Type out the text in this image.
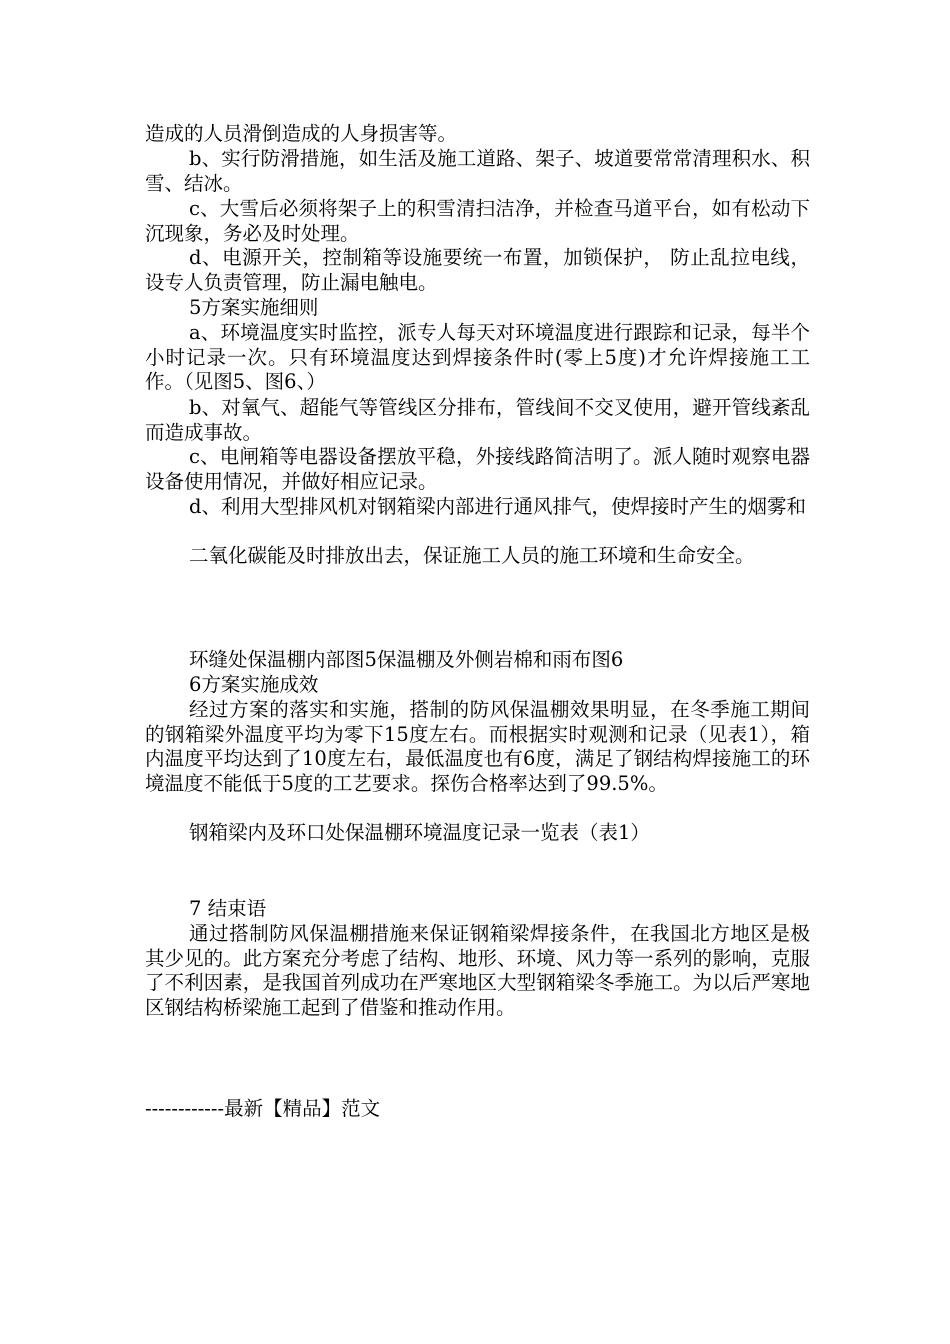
造成的人员滑倒造成的人身损害等。

b、实行防滑措施，如生活及施工道路、架子、坡道要常常清理积水、积雪、结冰。

c、大雪后必须将架子上的积雪清扫洁净，并检查马道平台，如有松动下沉现象，务必及时处理。

d、电源开关，控制箱等设施要统一布置，加锁保护， 防止乱拉电线，设专人负责管理，防止漏电触电。

5方案实施细则

a、环境温度实时监控，派专人每天对环境温度进行跟踪和记录，每半个小时记录一次。只有环境温度达到焊接条件时(零上5度)才允许焊接施工工作。（见图5、图6、）

b、对氧气、超能气等管线区分排布，管线间不交叉使用，避开管线紊乱而造成事故。

c、电闸箱等电器设备摆放平稳，外接线路简洁明了。派人随时观察电器设备使用情况，并做好相应记录。

d、利用大型排风机对钢箱梁内部进行通风排气，使焊接时产生的烟雾和

二氧化碳能及时排放出去，保证施工人员的施工环境和生命安全。

环缝处保温棚内部图5保温棚及外侧岩棉和雨布图6

6方案实施成效

经过方案的落实和实施，搭制的防风保温棚效果明显，在冬季施工期间的钢箱梁外温度平均为零下15度左右。而根据实时观测和记录（见表1），箱内温度平均达到了10度左右，最低温度也有6度，满足了钢结构焊接施工的环境温度不能低于5度的工艺要求。探伤合格率达到了99.5%。

钢箱梁内及环口处保温棚环境温度记录一览表（表1）

7 结束语

通过搭制防风保温棚措施来保证钢箱梁焊接条件，在我国北方地区是极其少见的。此方案充分考虑了结构、地形、环境、风力等一系列的影响，克服了不利因素，是我国首列成功在严寒地区大型钢箱梁冬季施工。为以后严寒地区钢结构桥梁施工起到了借鉴和推动作用。

------------最新【精品】范文
